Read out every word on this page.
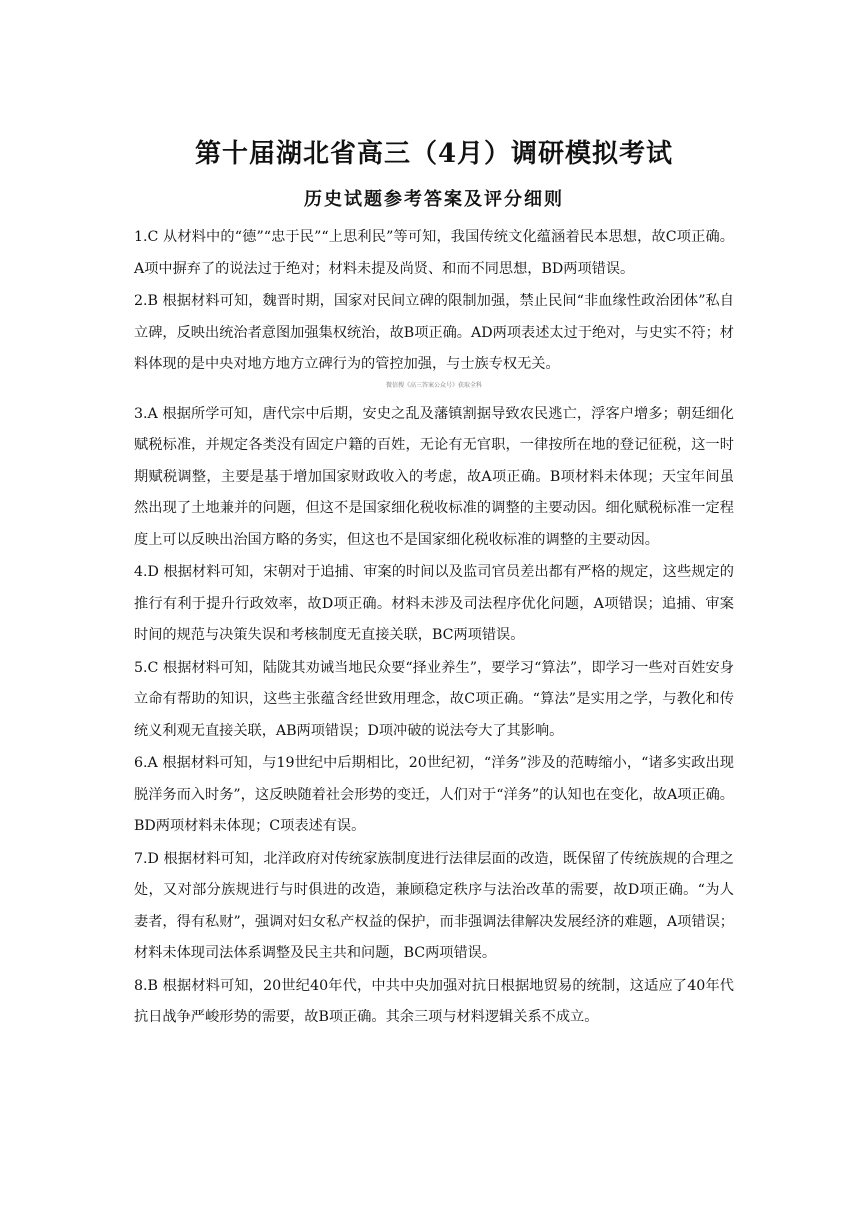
第十届湖北省高三（4月）调研模拟考试
历史试题参考答案及评分细则
微信搜《高三答案公众号》获取全科

1.C 从材料中的“德”“忠于民”“上思利民”等可知，我国传统文化蕴涵着民本思想，故C项正确。A项中摒弃了的说法过于绝对；材料未提及尚贤、和而不同思想，BD两项错误。

2.B 根据材料可知，魏晋时期，国家对民间立碑的限制加强，禁止民间“非血缘性政治团体”私自立碑，反映出统治者意图加强集权统治，故B项正确。AD两项表述太过于绝对，与史实不符；材料体现的是中央对地方地方立碑行为的管控加强，与士族专权无关。

3.A 根据所学可知，唐代宗中后期，安史之乱及藩镇割据导致农民逃亡，浮客户增多；朝廷细化赋税标准，并规定各类没有固定户籍的百姓，无论有无官职，一律按所在地的登记征税，这一时期赋税调整，主要是基于增加国家财政收入的考虑，故A项正确。B项材料未体现；天宝年间虽然出现了土地兼并的问题，但这不是国家细化税收标准的调整的主要动因。细化赋税标准一定程度上可以反映出治国方略的务实，但这也不是国家细化税收标准的调整的主要动因。

4.D 根据材料可知，宋朝对于追捕、审案的时间以及监司官员差出都有严格的规定，这些规定的推行有利于提升行政效率，故D项正确。材料未涉及司法程序优化问题，A项错误；追捕、审案时间的规范与决策失误和考核制度无直接关联，BC两项错误。

5.C 根据材料可知，陆陇其劝诫当地民众要“择业养生”，要学习“算法”，即学习一些对百姓安身立命有帮助的知识，这些主张蕴含经世致用理念，故C项正确。“算法”是实用之学，与教化和传统义利观无直接关联，AB两项错误；D项冲破的说法夸大了其影响。

6.A 根据材料可知，与19世纪中后期相比，20世纪初，“洋务”涉及的范畴缩小，“诸多实政出现脱洋务而入时务”，这反映随着社会形势的变迁，人们对于“洋务”的认知也在变化，故A项正确。BD两项材料未体现；C项表述有误。

7.D 根据材料可知，北洋政府对传统家族制度进行法律层面的改造，既保留了传统族规的合理之处，又对部分族规进行与时俱进的改造，兼顾稳定秩序与法治改革的需要，故D项正确。“为人妻者，得有私财”，强调对妇女私产权益的保护，而非强调法律解决发展经济的难题，A项错误；材料未体现司法体系调整及民主共和问题，BC两项错误。

8.B 根据材料可知，20世纪40年代，中共中央加强对抗日根据地贸易的统制，这适应了40年代抗日战争严峻形势的需要，故B项正确。其余三项与材料逻辑关系不成立。
